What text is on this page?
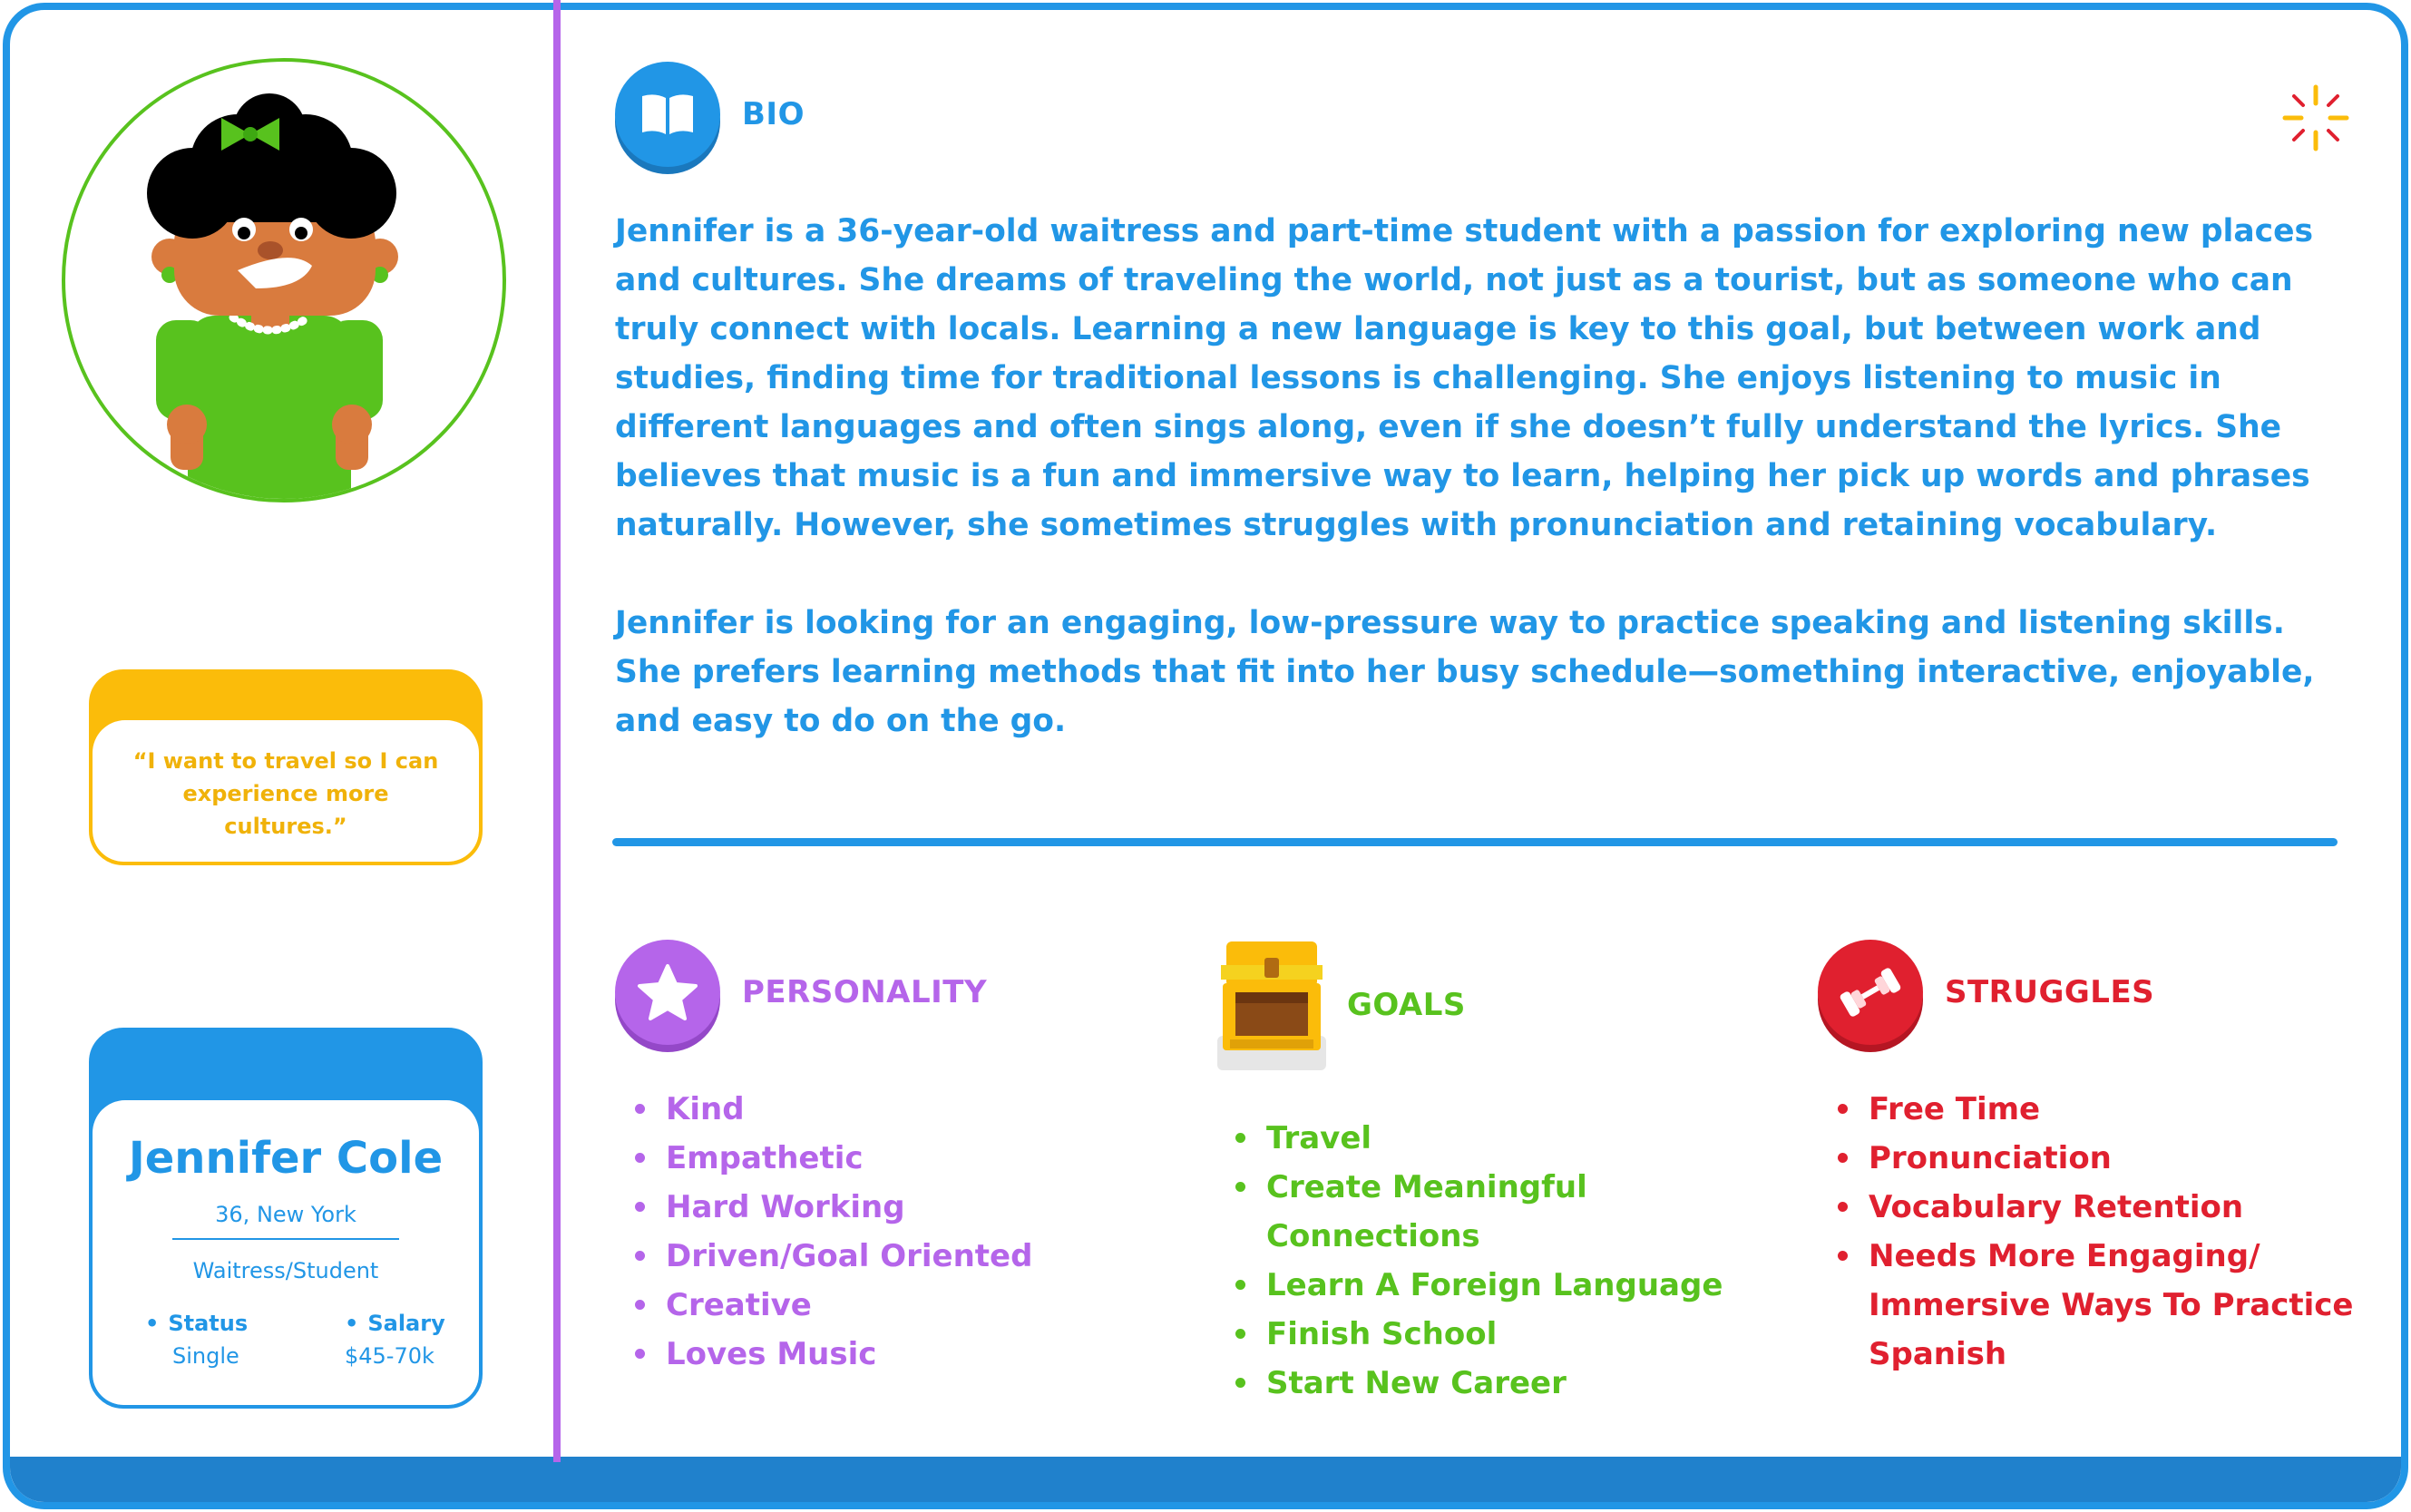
“I want to travel so I can experience more cultures.”
Jennifer Cole
36, New York
Waitress/Student
• Status
Single
• Salary
$45-70k
BIO

Jennifer is a 36-year-old waitress and part-time student with a passion for exploring new places and cultures. She dreams of traveling the world, not just as a tourist, but as someone who can truly connect with locals. Learning a new language is key to this goal, but between work and studies, finding time for traditional lessons is challenging. She enjoys listening to music in different languages and often sings along, even if she doesn’t fully understand the lyrics. She believes that music is a fun and immersive way to learn, helping her pick up words and phrases naturally. However, she sometimes struggles with pronunciation and retaining vocabulary.

Jennifer is looking for an engaging, low-pressure way to practice speaking and listening skills. She prefers learning methods that fit into her busy schedule—something interactive, enjoyable, and easy to do on the go.

PERSONALITY
Kind
Empathetic
Hard Working
Driven/Goal Oriented
Creative
Loves Music
GOALS
Travel
Create Meaningful Connections
Learn A Foreign Language
Finish School
Start New Career
STRUGGLES
Free Time
Pronunciation
Vocabulary Retention
Needs More Engaging/ Immersive Ways To Practice Spanish
